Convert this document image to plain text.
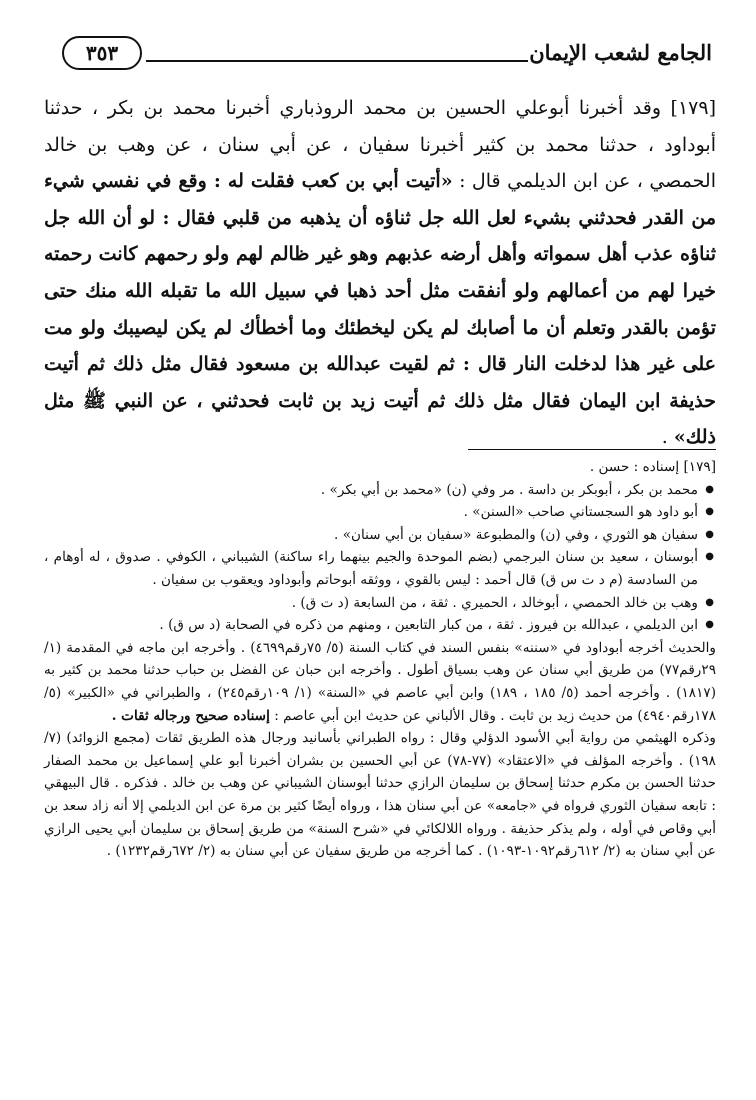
الجامع لشعب الإيمان
٣٥٣

[١٧٩] وقد أخبرنا أبوعلي الحسين بن محمد الروذباري أخبرنا محمد بن بكر ، حدثنا أبوداود ، حدثنا محمد بن كثير أخبرنا سفيان ، عن أبي سنان ، عن وهب بن خالد الحمصي ، عن ابن الديلمي قال : «أتيت أبي بن كعب فقلت له : وقع في نفسي شيء من القدر فحدثني بشيء لعل الله جل ثناؤه أن يذهبه من قلبي فقال : لو أن الله جل ثناؤه عذب أهل سمواته وأهل أرضه عذبهم وهو غير ظالم لهم ولو رحمهم كانت رحمته خيرا لهم من أعمالهم ولو أنفقت مثل أحد ذهبا في سبيل الله ما تقبله الله منك حتى تؤمن بالقدر وتعلم أن ما أصابك لم يكن ليخطئك وما أخطأك لم يكن ليصيبك ولو مت على غير هذا لدخلت النار قال : ثم لقيت عبدالله بن مسعود فقال مثل ذلك ثم أتيت حذيفة ابن اليمان فقال مثل ذلك ثم أتيت زيد بن ثابت فحدثني ، عن النبي ﷺ مثل ذلك» .

[١٧٩] إسناده : حسن .

● محمد بن بكر ، أبوبكر بن داسة . مر وفي (ن) «محمد بن أبي بكر» .
● أبو داود هو السجستاني صاحب «السنن» .
● سفيان هو الثوري ، وفي (ن) والمطبوعة «سفيان بن أبي سنان» .
● أبوسنان ، سعيد بن سنان البرجمي (بضم الموحدة والجيم بينهما راء ساكنة) الشيباني ، الكوفي . صدوق ، له أوهام ، من السادسة (م د ت س ق) قال أحمد : ليس بالقوي ، ووثقه أبوحاتم وأبوداود ويعقوب بن سفيان .
● وهب بن خالد الحمصي ، أبوخالد ، الحميري . ثقة ، من السابعة (د ت ق) .
● ابن الديلمي ، عبدالله بن فيروز . ثقة ، من كبار التابعين ، ومنهم من ذكره في الصحابة (د س ق) .

والحديث أخرجه أبوداود في «سننه» بنفس السند في كتاب السنة (٥/ ٧٥رقم٤٦٩٩) . وأخرجه ابن ماجه في المقدمة (١/ ٢٩رقم٧٧) من طريق أبي سنان عن وهب بسياق أطول . وأخرجه ابن حبان عن الفضل بن حباب حدثنا محمد بن كثير به (١٨١٧) . وأخرجه أحمد (٥/ ١٨٥ ، ١٨٩) وابن أبي عاصم في «السنة» (١/ ١٠٩رقم٢٤٥) ، والطبراني في «الكبير» (٥/ ١٧٨رقم٤٩٤٠) من حديث زيد بن ثابت . وقال الألباني عن حديث ابن أبي عاصم : إسناده صحيح ورجاله ثقات .

وذكره الهيثمي من رواية أبي الأسود الدؤلي وقال : رواه الطبراني بأسانيد ورجال هذه الطريق ثقات (مجمع الزوائد) (٧/ ١٩٨) . وأخرجه المؤلف في «الاعتقاد» (٧٧-٧٨) عن أبي الحسين بن بشران أخبرنا أبو علي إسماعيل بن محمد الصفار حدثنا الحسن بن مكرم حدثنا إسحاق بن سليمان الرازي حدثنا أبوسنان الشيباني عن وهب بن خالد . فذكره . قال البيهقي : تابعه سفيان الثوري فرواه في «جامعه» عن أبي سنان هذا ، ورواه أيضًا كثير بن مرة عن ابن الديلمي إلا أنه زاد سعد بن أبي وقاص في أوله ، ولم يذكر حذيفة . ورواه اللالكائي في «شرح السنة» من طريق إسحاق بن سليمان أبي يحيى الرازي عن أبي سنان به (٢/ ٦١٢رقم١٠٩٢-١٠٩٣) . كما أخرجه من طريق سفيان عن أبي سنان به (٢/ ٦٧٢رقم١٢٣٢) .
